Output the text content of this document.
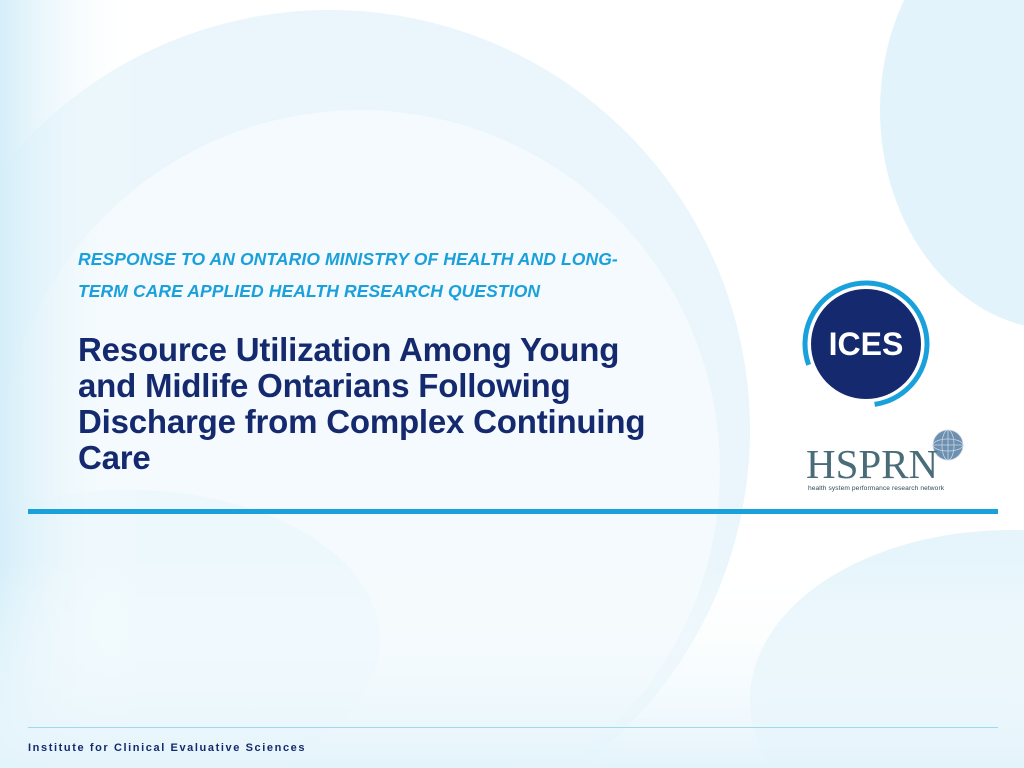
RESPONSE TO AN ONTARIO MINISTRY OF HEALTH AND LONG-
TERM CARE APPLIED HEALTH RESEARCH QUESTION

Resource Utilization Among Young
and Midlife Ontarians Following
Discharge from Complex Continuing
Care
ICES
HSPRN
health system performance research network
Institute for Clinical Evaluative Sciences
